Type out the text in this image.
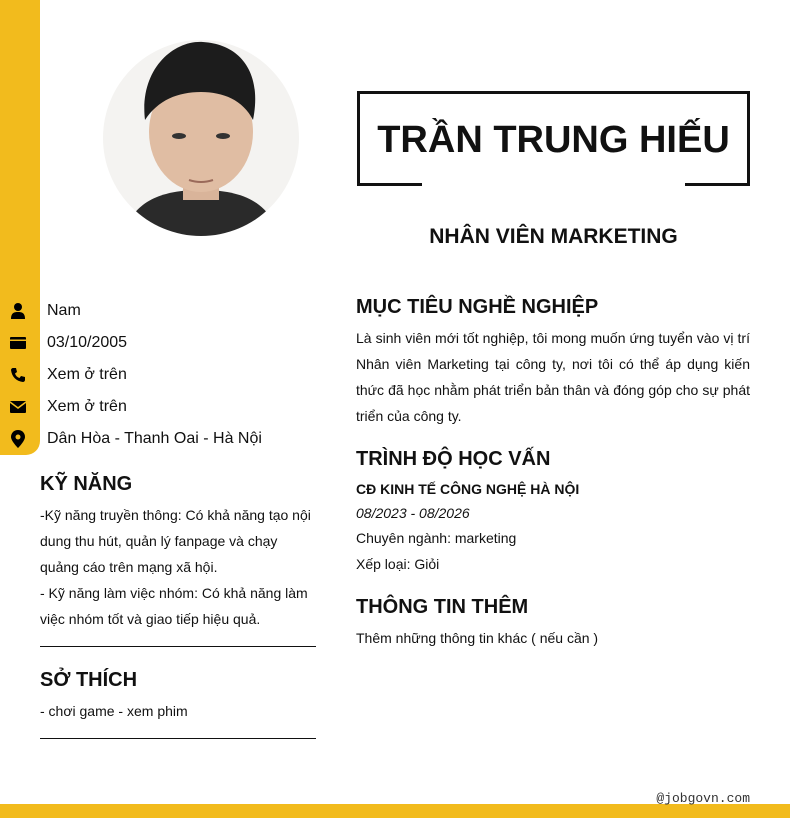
TRẦN TRUNG HIẾU
NHÂN VIÊN MARKETING
Nam
03/10/2005
Xem ở trên
Xem ở trên
Dân Hòa - Thanh Oai - Hà Nội
KỸ NĂNG
-Kỹ năng truyền thông: Có khả năng tạo nội dung thu hút, quản lý fanpage và chạy quảng cáo trên mạng xã hội.
- Kỹ năng làm việc nhóm: Có khả năng làm việc nhóm tốt và giao tiếp hiệu quả.
SỞ THÍCH
- chơi game - xem phim
MỤC TIÊU NGHỀ NGHIỆP
Là sinh viên mới tốt nghiệp, tôi mong muốn ứng tuyển vào vị trí Nhân viên Marketing tại công ty, nơi tôi có thể áp dụng kiến thức đã học nhằm phát triển bản thân và đóng góp cho sự phát triển của công ty.
TRÌNH ĐỘ HỌC VẤN
CĐ KINH TẾ CÔNG NGHỆ HÀ NỘI
08/2023 - 08/2026
Chuyên ngành: marketing
Xếp loại: Giỏi
THÔNG TIN THÊM
Thêm những thông tin khác ( nếu cần )
@jobgovn.com
